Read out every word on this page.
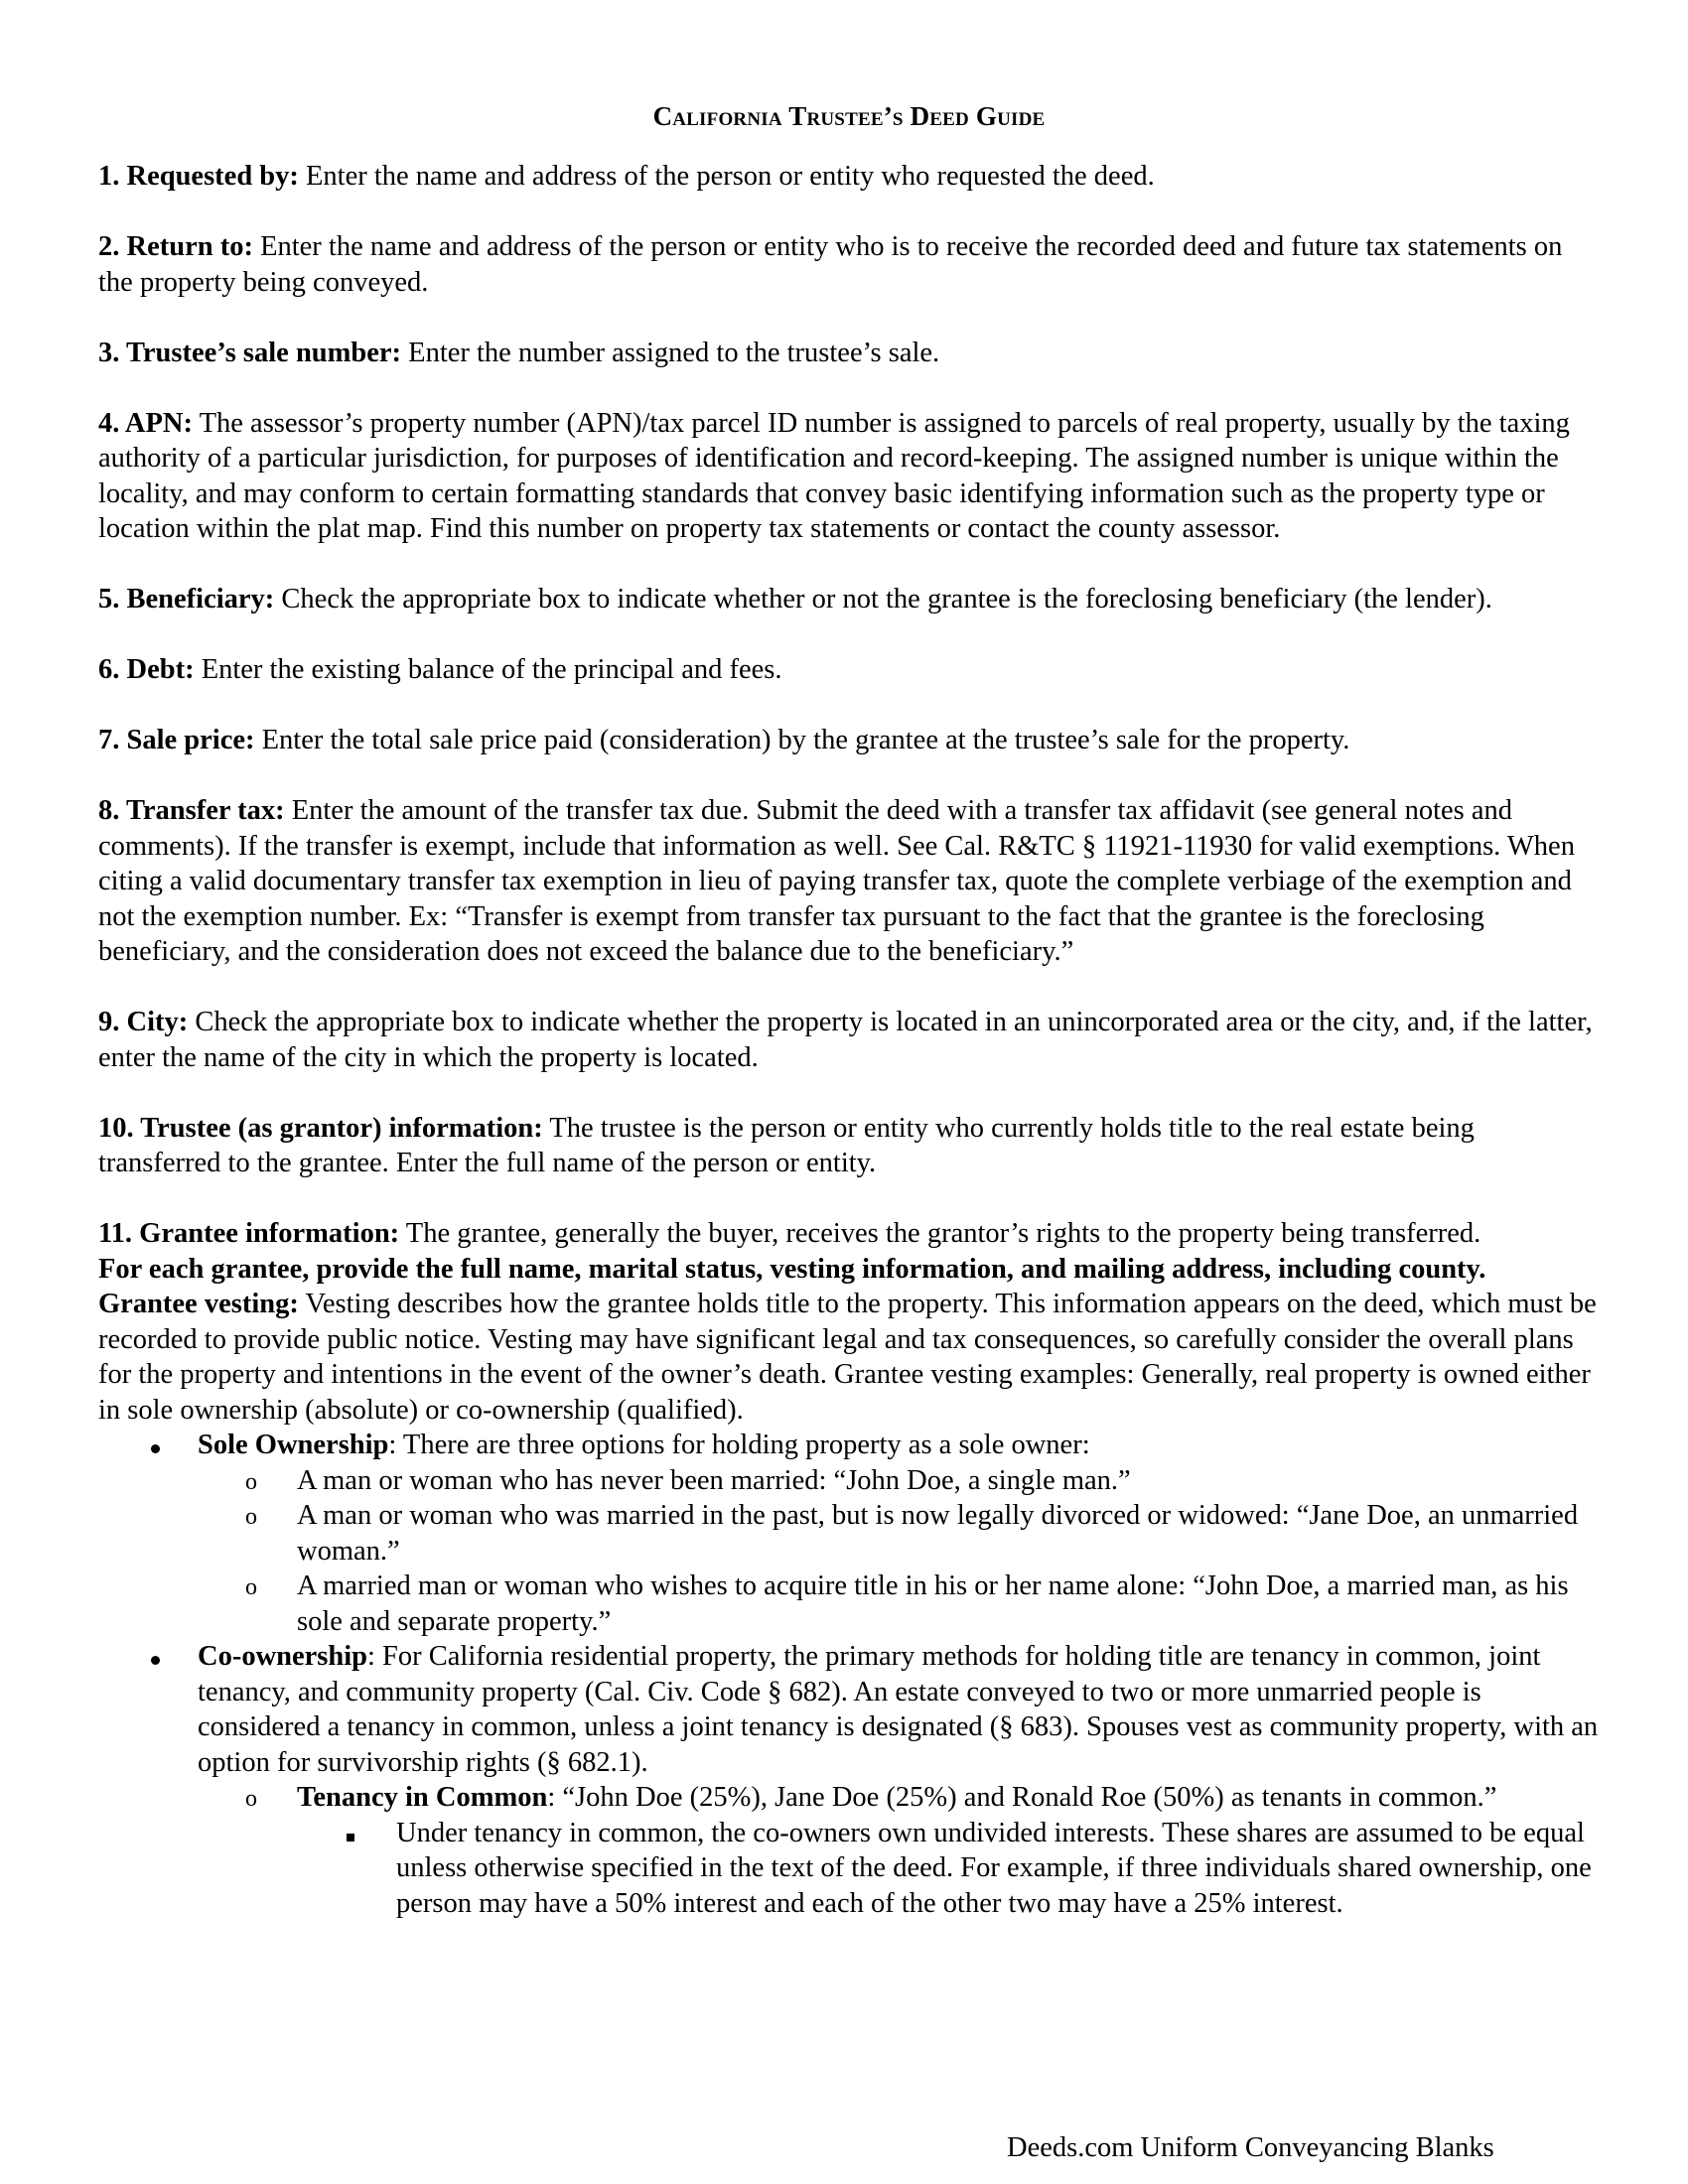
California Trustee’s Deed Guide

1. Requested by: Enter the name and address of the person or entity who requested the deed.

2. Return to: Enter the name and address of the person or entity who is to receive the recorded deed and future tax statements on the property being conveyed.

3. Trustee’s sale number: Enter the number assigned to the trustee’s sale.

4. APN: The assessor’s property number (APN)/tax parcel ID number is assigned to parcels of real property, usually by the taxing authority of a particular jurisdiction, for purposes of identification and record-keeping. The assigned number is unique within the locality, and may conform to certain formatting standards that convey basic identifying information such as the property type or location within the plat map. Find this number on property tax statements or contact the county assessor.

5. Beneficiary: Check the appropriate box to indicate whether or not the grantee is the foreclosing beneficiary (the lender).

6. Debt: Enter the existing balance of the principal and fees.

7. Sale price: Enter the total sale price paid (consideration) by the grantee at the trustee’s sale for the property.

8. Transfer tax: Enter the amount of the transfer tax due. Submit the deed with a transfer tax affidavit (see general notes and comments). If the transfer is exempt, include that information as well. See Cal. R&TC § 11921-11930 for valid exemptions. When citing a valid documentary transfer tax exemption in lieu of paying transfer tax, quote the complete verbiage of the exemption and not the exemption number. Ex: “Transfer is exempt from transfer tax pursuant to the fact that the grantee is the foreclosing beneficiary, and the consideration does not exceed the balance due to the beneficiary.”

9. City: Check the appropriate box to indicate whether the property is located in an unincorporated area or the city, and, if the latter, enter the name of the city in which the property is located.

10. Trustee (as grantor) information: The trustee is the person or entity who currently holds title to the real estate being transferred to the grantee. Enter the full name of the person or entity.

11. Grantee information: The grantee, generally the buyer, receives the grantor’s rights to the property being transferred.

For each grantee, provide the full name, marital status, vesting information, and mailing address, including county.

Grantee vesting: Vesting describes how the grantee holds title to the property. This information appears on the deed, which must be recorded to provide public notice. Vesting may have significant legal and tax consequences, so carefully consider the overall plans for the property and intentions in the event of the owner’s death. Grantee vesting examples: Generally, real property is owned either in sole ownership (absolute) or co-ownership (qualified).

Sole Ownership: There are three options for holding property as a sole owner:
o A man or woman who has never been married: “John Doe, a single man.”
o A man or woman who was married in the past, but is now legally divorced or widowed: “Jane Doe, an unmarried woman.”
o A married man or woman who wishes to acquire title in his or her name alone: “John Doe, a married man, as his sole and separate property.”
Co-ownership: For California residential property, the primary methods for holding title are tenancy in common, joint tenancy, and community property (Cal. Civ. Code § 682). An estate conveyed to two or more unmarried people is considered a tenancy in common, unless a joint tenancy is designated (§ 683). Spouses vest as community property, with an option for survivorship rights (§ 682.1).
o Tenancy in Common: “John Doe (25%), Jane Doe (25%) and Ronald Roe (50%) as tenants in common.”
Under tenancy in common, the co-owners own undivided interests. These shares are assumed to be equal unless otherwise specified in the text of the deed. For example, if three individuals shared ownership, one person may have a 50% interest and each of the other two may have a 25% interest.
Deeds.com Uniform Conveyancing Blanks
